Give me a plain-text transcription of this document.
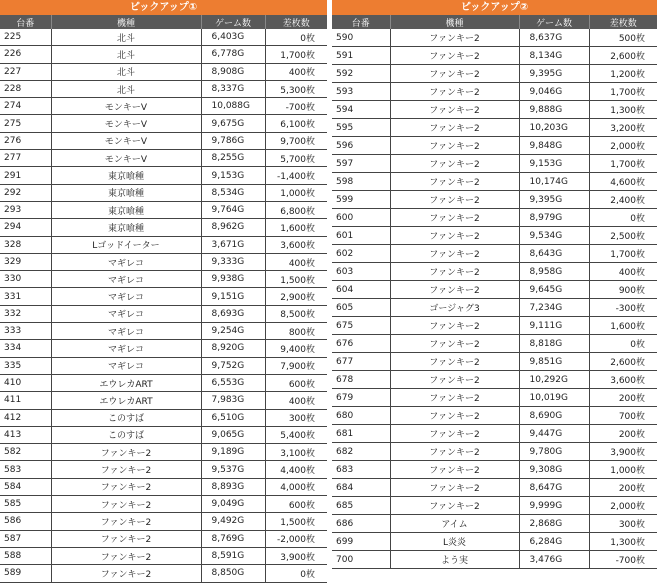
ピックアップ①
台番	機種	ゲーム数	差枚数
225	北斗	6,403G	0枚
226	北斗	6,778G	1,700枚
227	北斗	8,908G	400枚
228	北斗	8,337G	5,300枚
274	モンキーV	10,088G	-700枚
275	モンキーV	9,675G	6,100枚
276	モンキーV	9,786G	9,700枚
277	モンキーV	8,255G	5,700枚
291	東京喰種	9,153G	-1,400枚
292	東京喰種	8,534G	1,000枚
293	東京喰種	9,764G	6,800枚
294	東京喰種	8,962G	1,600枚
328	Lゴッドイーター	3,671G	3,600枚
329	マギレコ	9,333G	400枚
330	マギレコ	9,938G	1,500枚
331	マギレコ	9,151G	2,900枚
332	マギレコ	8,693G	8,500枚
333	マギレコ	9,254G	800枚
334	マギレコ	8,920G	9,400枚
335	マギレコ	9,752G	7,900枚
410	エウレカART	6,553G	600枚
411	エウレカART	7,983G	400枚
412	このすば	6,510G	300枚
413	このすば	9,065G	5,400枚
582	ファンキー2	9,189G	3,100枚
583	ファンキー2	9,537G	4,400枚
584	ファンキー2	8,893G	4,000枚
585	ファンキー2	9,049G	600枚
586	ファンキー2	9,492G	1,500枚
587	ファンキー2	8,769G	-2,000枚
588	ファンキー2	8,591G	3,900枚
589	ファンキー2	8,850G	0枚
ピックアップ②
台番	機種	ゲーム数	差枚数
590	ファンキー2	8,637G	500枚
591	ファンキー2	8,134G	2,600枚
592	ファンキー2	9,395G	1,200枚
593	ファンキー2	9,046G	1,700枚
594	ファンキー2	9,888G	1,300枚
595	ファンキー2	10,203G	3,200枚
596	ファンキー2	9,848G	2,000枚
597	ファンキー2	9,153G	1,700枚
598	ファンキー2	10,174G	4,600枚
599	ファンキー2	9,395G	2,400枚
600	ファンキー2	8,979G	0枚
601	ファンキー2	9,534G	2,500枚
602	ファンキー2	8,643G	1,700枚
603	ファンキー2	8,958G	400枚
604	ファンキー2	9,645G	900枚
605	ゴージャグ3	7,234G	-300枚
675	ファンキー2	9,111G	1,600枚
676	ファンキー2	8,818G	0枚
677	ファンキー2	9,851G	2,600枚
678	ファンキー2	10,292G	3,600枚
679	ファンキー2	10,019G	200枚
680	ファンキー2	8,690G	700枚
681	ファンキー2	9,447G	200枚
682	ファンキー2	9,780G	3,900枚
683	ファンキー2	9,308G	1,000枚
684	ファンキー2	8,647G	200枚
685	ファンキー2	9,999G	2,000枚
686	アイム	2,868G	300枚
699	L炎炎	6,284G	1,300枚
700	よう実	3,476G	-700枚
